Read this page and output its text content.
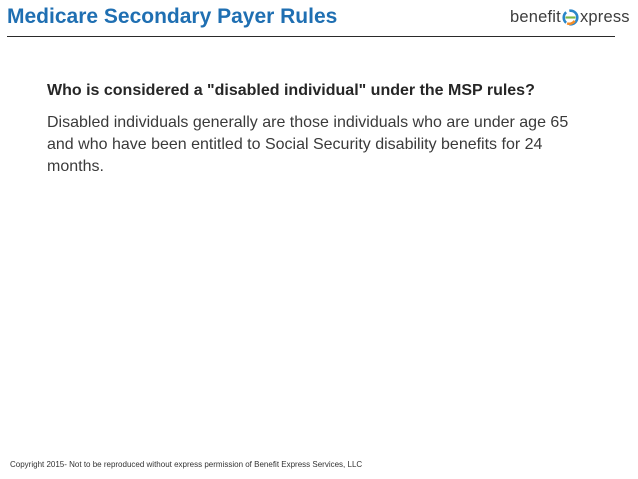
Medicare Secondary Payer Rules	benefit xpress

Who is considered a "disabled individual" under the MSP rules?

Disabled individuals generally are those individuals who are under age 65 and who have been entitled to Social Security disability benefits for 24 months.

Copyright 2015- Not to be reproduced without express permission of Benefit Express Services, LLC
